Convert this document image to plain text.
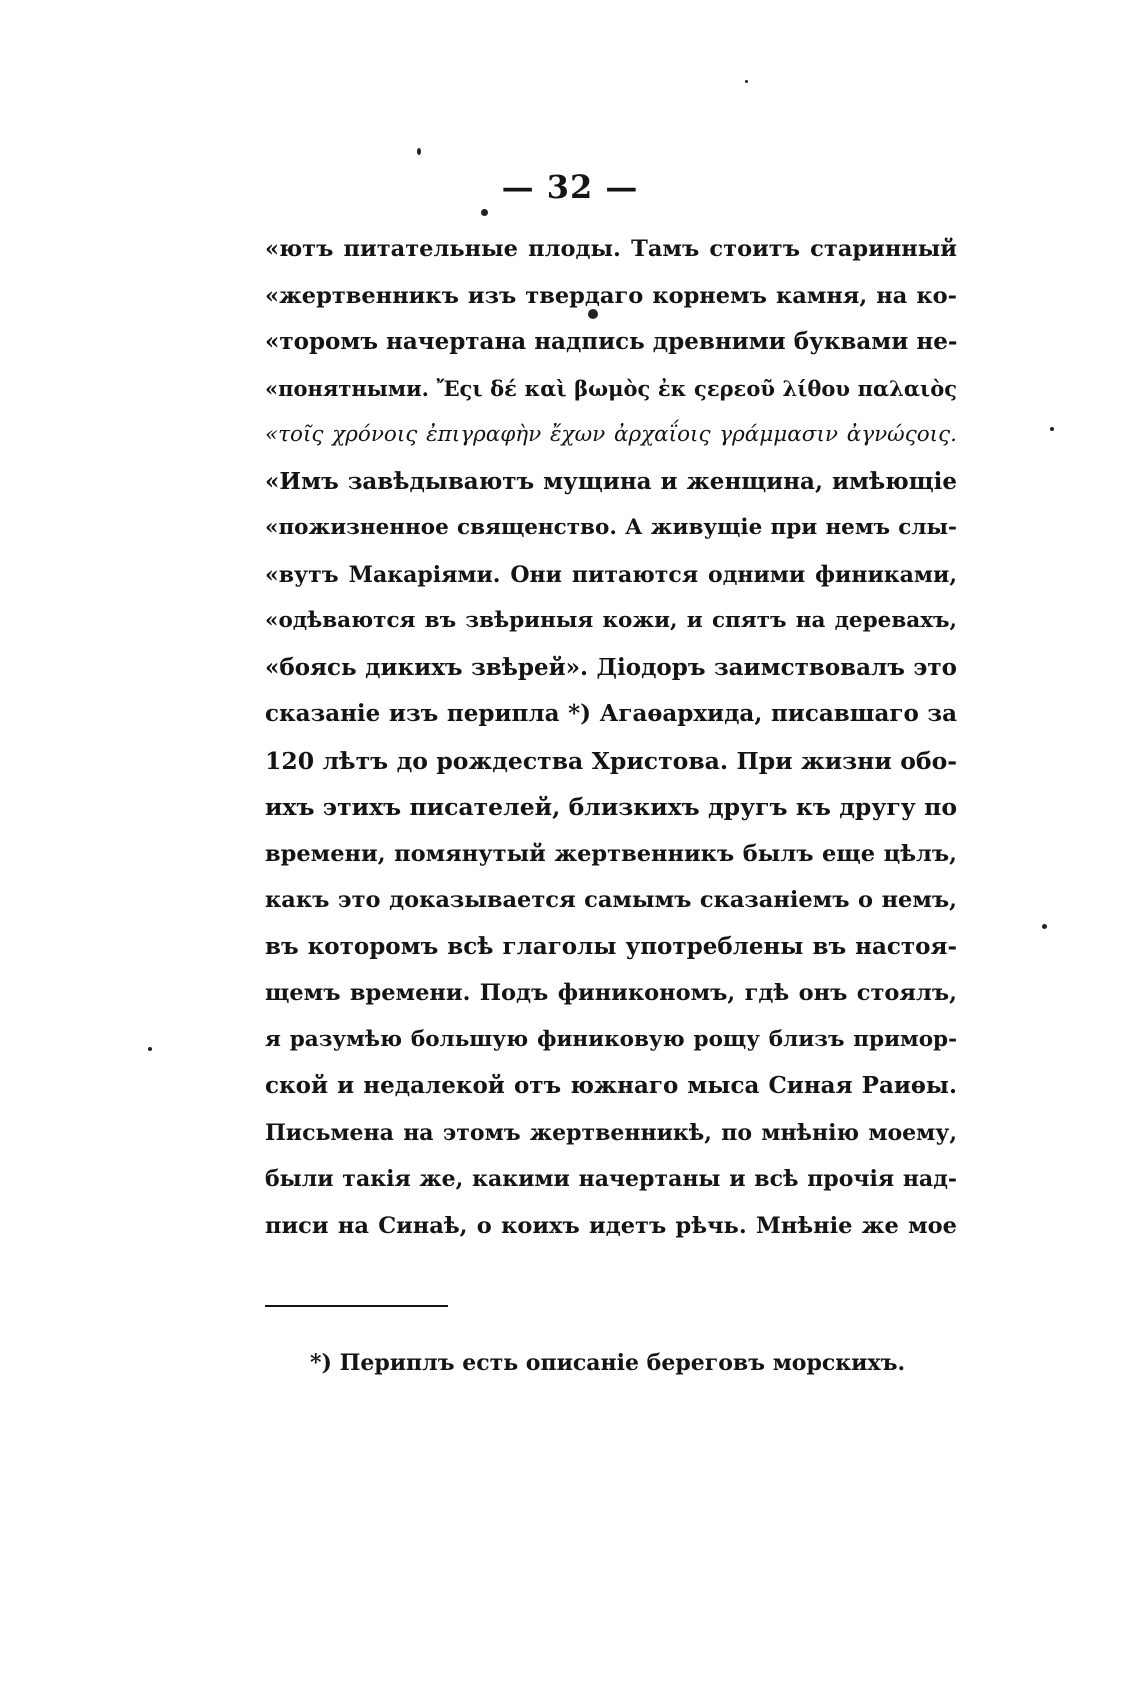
— 32 —
«ютъ питательные плоды. Тамъ стоитъ старинный
«жертвенникъ изъ твердаго корнемъ камня, на ко-
«торомъ начертана надпись древними буквами не-
«понятными. Ἔςι δέ καὶ βωμὸς ἐκ ςερεοῦ λίθου παλαιὸς
«τοῖς χρόνοις ἐπιγραφὴν ἔχων ἀρχαΐοις γράμμασιν ἀγνώςοις.
«Имъ завѣдываютъ мущина и женщина, имѣющіе
«пожизненное священство. А живущіе при немъ слы-
«вутъ Макаріями. Они питаются одними финиками,
«одѣваются въ звѣриныя кожи, и спятъ на деревахъ,
«боясь дикихъ звѣрей». Діодоръ заимствовалъ это
сказаніе изъ перипла *) Агаѳархида, писавшаго за
120 лѣтъ до рождества Христова. При жизни обо-
ихъ этихъ писателей, близкихъ другъ къ другу по
времени, помянутый жертвенникъ былъ еще цѣлъ,
какъ это доказывается самымъ сказаніемъ о немъ,
въ которомъ всѣ глаголы употреблены въ настоя-
щемъ времени. Подъ финикономъ, гдѣ онъ стоялъ,
я разумѣю большую финиковую рощу близъ примор-
ской и недалекой отъ южнаго мыса Синая Раиѳы.
Письмена на этомъ жертвенникѣ, по мнѣнію моему,
были такія же, какими начертаны и всѣ прочія над-
писи на Синаѣ, о коихъ идетъ рѣчь. Мнѣніе же мое
*) Периплъ есть описаніе береговъ морскихъ.
